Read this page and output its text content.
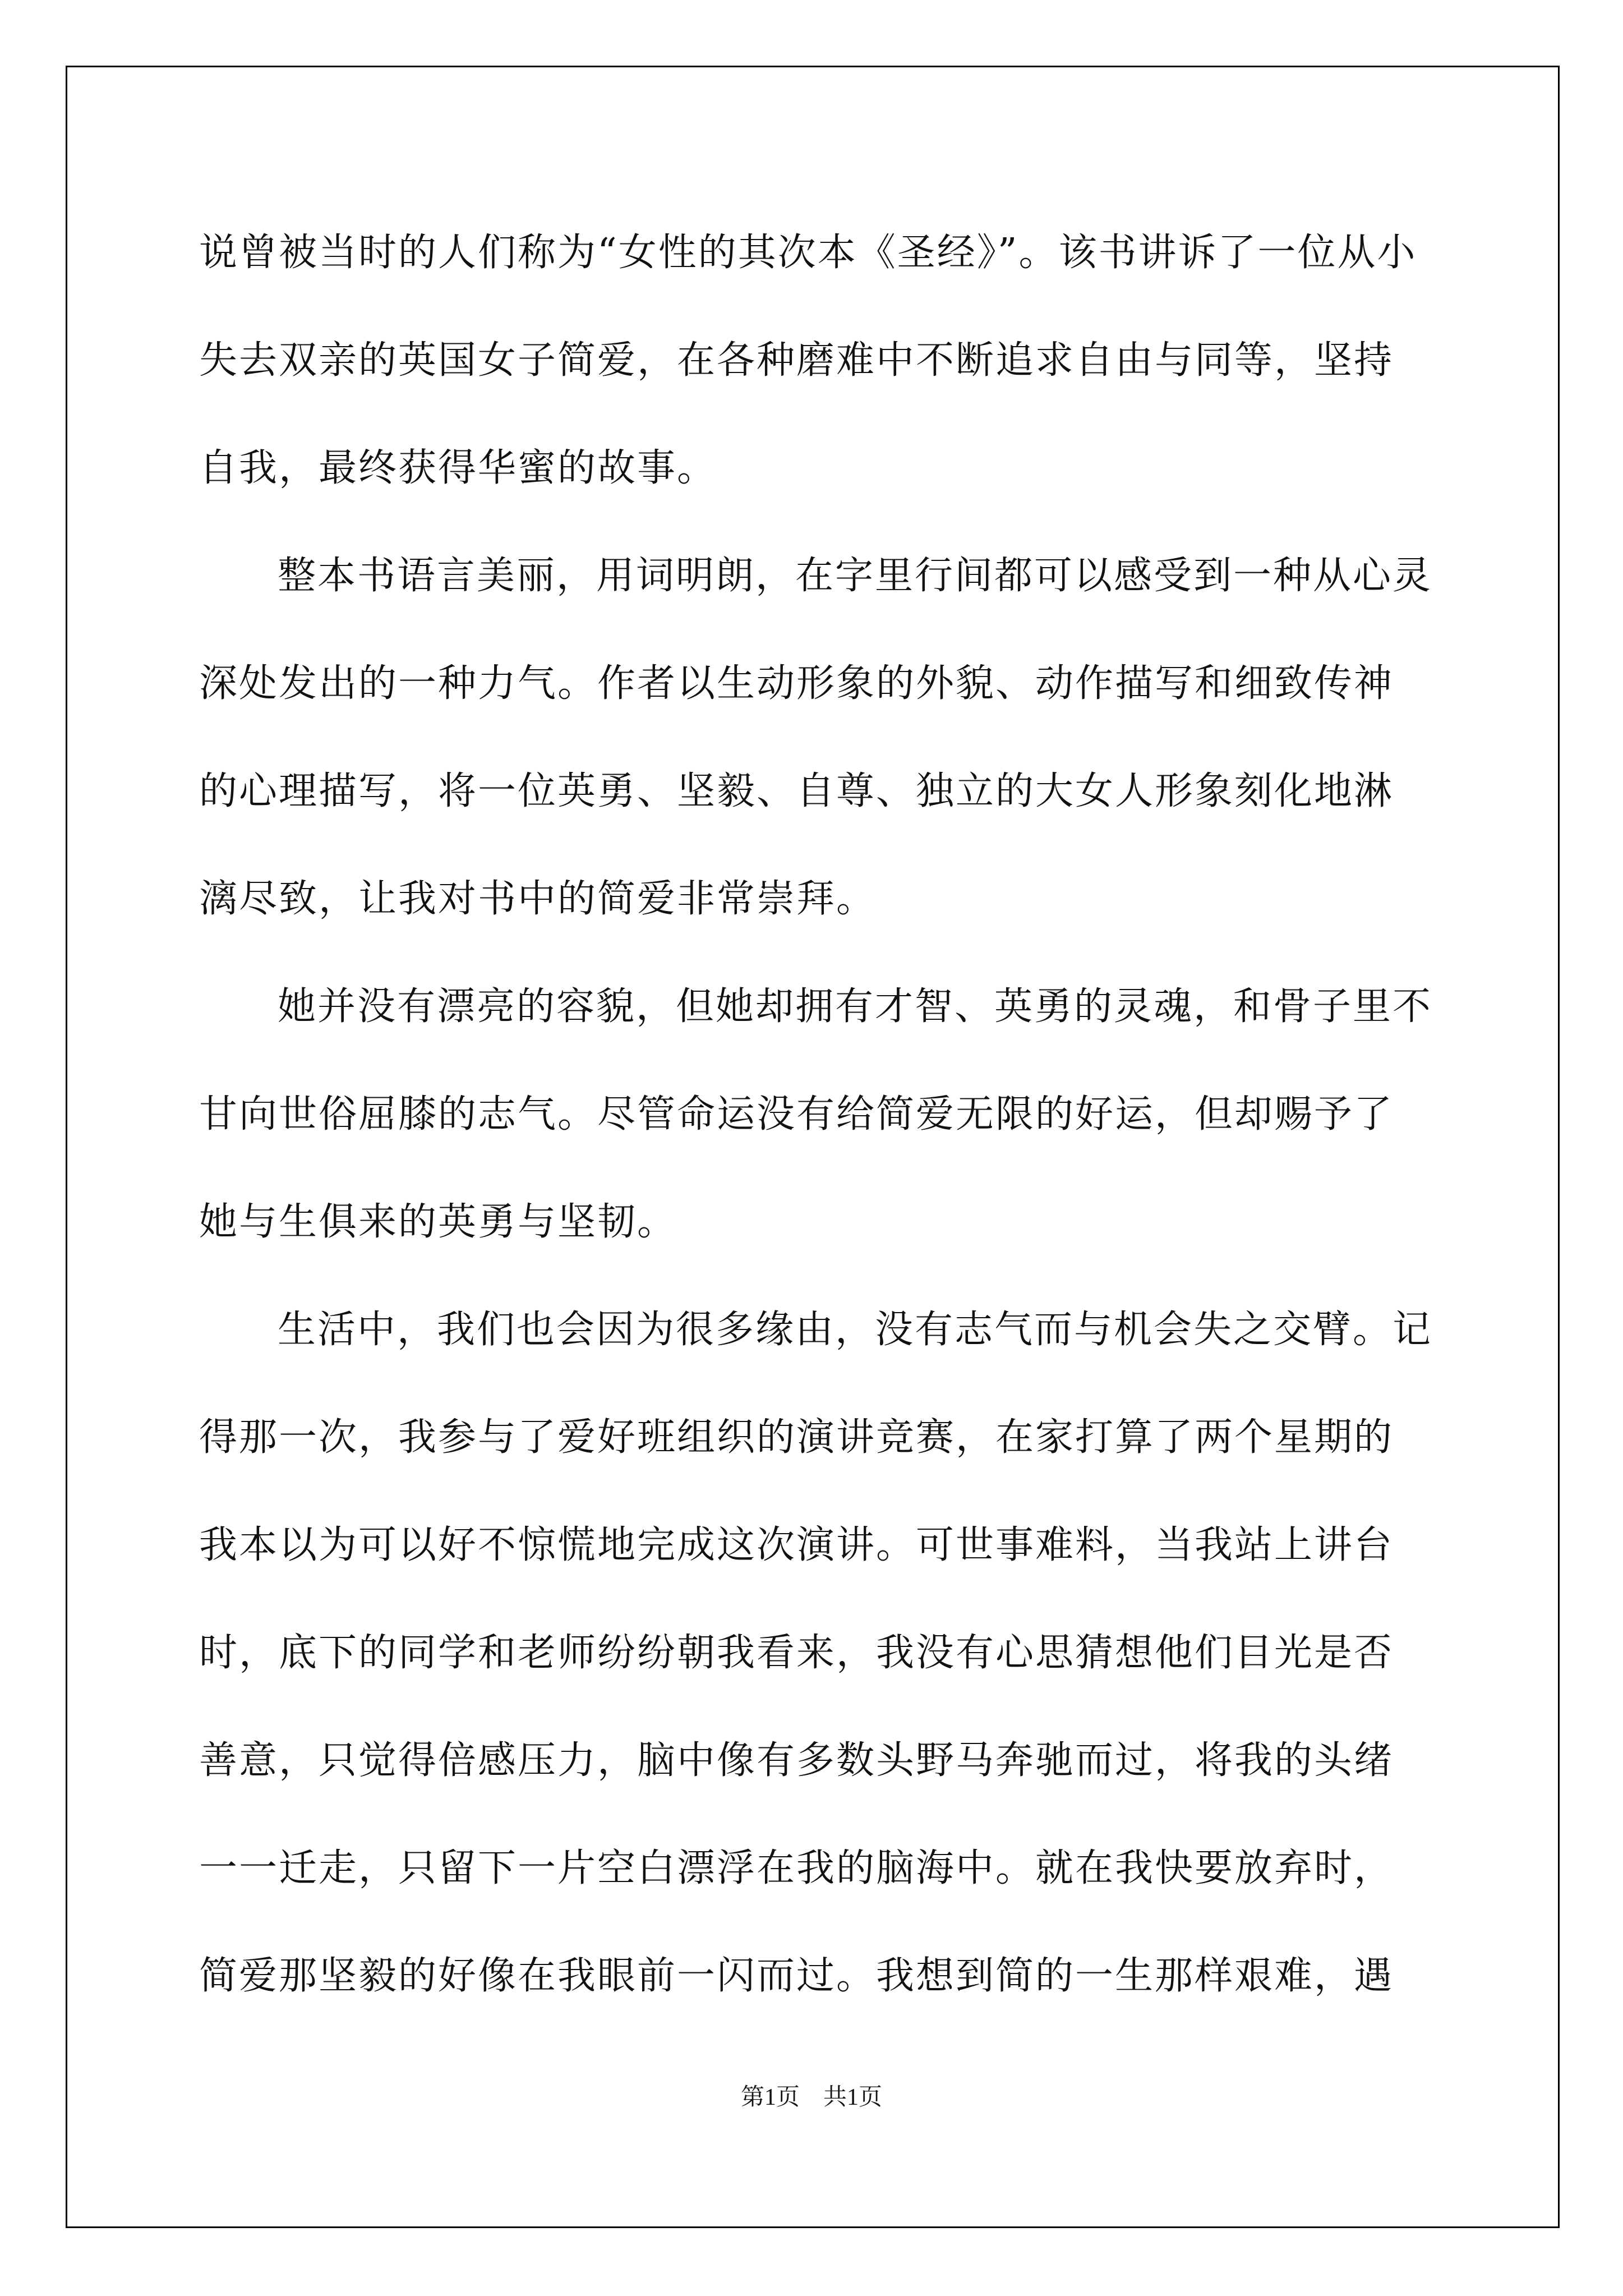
说曾被当时的人们称为“女性的其次本《圣经》”。该书讲诉了一位从小失去双亲的英国女子简爱，在各种磨难中不断追求自由与同等，坚持自我，最终获得华蜜的故事。

整本书语言美丽，用词明朗，在字里行间都可以感受到一种从心灵深处发出的一种力气。作者以生动形象的外貌、动作描写和细致传神的心理描写，将一位英勇、坚毅、自尊、独立的大女人形象刻化地淋漓尽致，让我对书中的简爱非常崇拜。

她并没有漂亮的容貌，但她却拥有才智、英勇的灵魂，和骨子里不甘向世俗屈膝的志气。尽管命运没有给简爱无限的好运，但却赐予了她与生俱来的英勇与坚韧。

生活中，我们也会因为很多缘由，没有志气而与机会失之交臂。记得那一次，我参与了爱好班组织的演讲竞赛，在家打算了两个星期的我本以为可以好不惊慌地完成这次演讲。可世事难料，当我站上讲台时，底下的同学和老师纷纷朝我看来，我没有心思猜想他们目光是否善意，只觉得倍感压力，脑中像有多数头野马奔驰而过，将我的头绪一一迁走，只留下一片空白漂浮在我的脑海中。就在我快要放弃时，简爱那坚毅的好像在我眼前一闪而过。我想到简的一生那样艰难，遇

第1页　共1页
